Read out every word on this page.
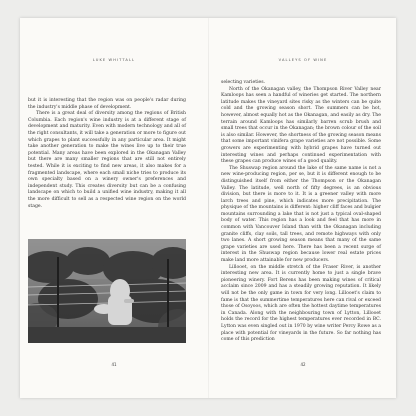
LUKE WHITTALL

but it is interesting that the region was on people's radar during the industry's middle phase of development.

There is a great deal of diversity among the regions of British Columbia. Each region's wine industry is at a different stage of development and maturity. Even with modern technology and all of the right consultants, it will take a generation or more to figure out which grapes to plant successfully in any particular area. It might take another generation to make the wines live up to their true potential. Many areas have been explored in the Okanagan Valley but there are many smaller regions that are still not entirely tested. While it is exciting to find new areas, it also makes for a fragmented landscape, where each small niche tries to produce its own specialty based on a winery owner's preferences and independent study. This creates diversity but can be a confusing landscape on which to build a unified wine industry, making it all the more difficult to sell as a respected wine region on the world stage.

41
VALLEYS OF WINE

selecting varieties.

North of the Okanagan valley, the Thompson River Valley near Kamloops has seen a handful of wineries get started. The northern latitude makes the vineyard sites risky as the winters can be quite cold and the growing season short. The summers can be hot, however, almost equally hot as the Okanagan, and easily as dry. The terrain around Kamloops has similarly barren scrub brush and small trees that occur in the Okanagan; the brown colour of the soil is also similar. However, the shortness of the growing season means that some important vinifera grape varieties are not possible. Some growers are experimenting with hybrid grapes have turned out interesting wines and perhaps continued experimentation with these grapes can produce wines of a good quality.

The Shuswap region around the lake of the same name is not a new wine-producing region, per se, but it is different enough to be distinguished itself from either the Thompson or the Okanagan Valley. The latitude, well north of fifty degrees, is an obvious division, but there is more to it. It is a greener valley with more larch trees and pine, which indicates more precipitation. The physique of the mountains is different: higher cliff faces and bulgier mountains surrounding a lake that is not just a typical oval-shaped body of water. This region has a look and feel that has more in common with Vancouver Island than with the Okanagan including granite cliffs, clay soils, tall trees, and remote highways with only two lanes. A short growing season means that many of the same grape varieties are used here. There has been a recent surge of interest in the Shuswap region because lower real estate prices make land more attainable for new producers.

Lillooet, on the middle stretch of the Fraser River, is another interesting new area. It is currently home to just a single brave pioneering winery. Fort Berens has been making wines of critical acclaim since 2009 and has a steadily growing reputation. It likely will not be the only game in town for very long. Lillooet's claim to fame is that the summertime temperatures here can rival or exceed those of Osoyoos, which are often the hottest daytime temperatures in Canada. Along with the neighbouring town of Lytton, Lillooet holds the record for the highest temperatures ever recorded in BC. Lytton was even singled out in 1970 by wine writer Percy Rowe as a place with potential for vineyards in the future. So far nothing has come of this prediction

42
